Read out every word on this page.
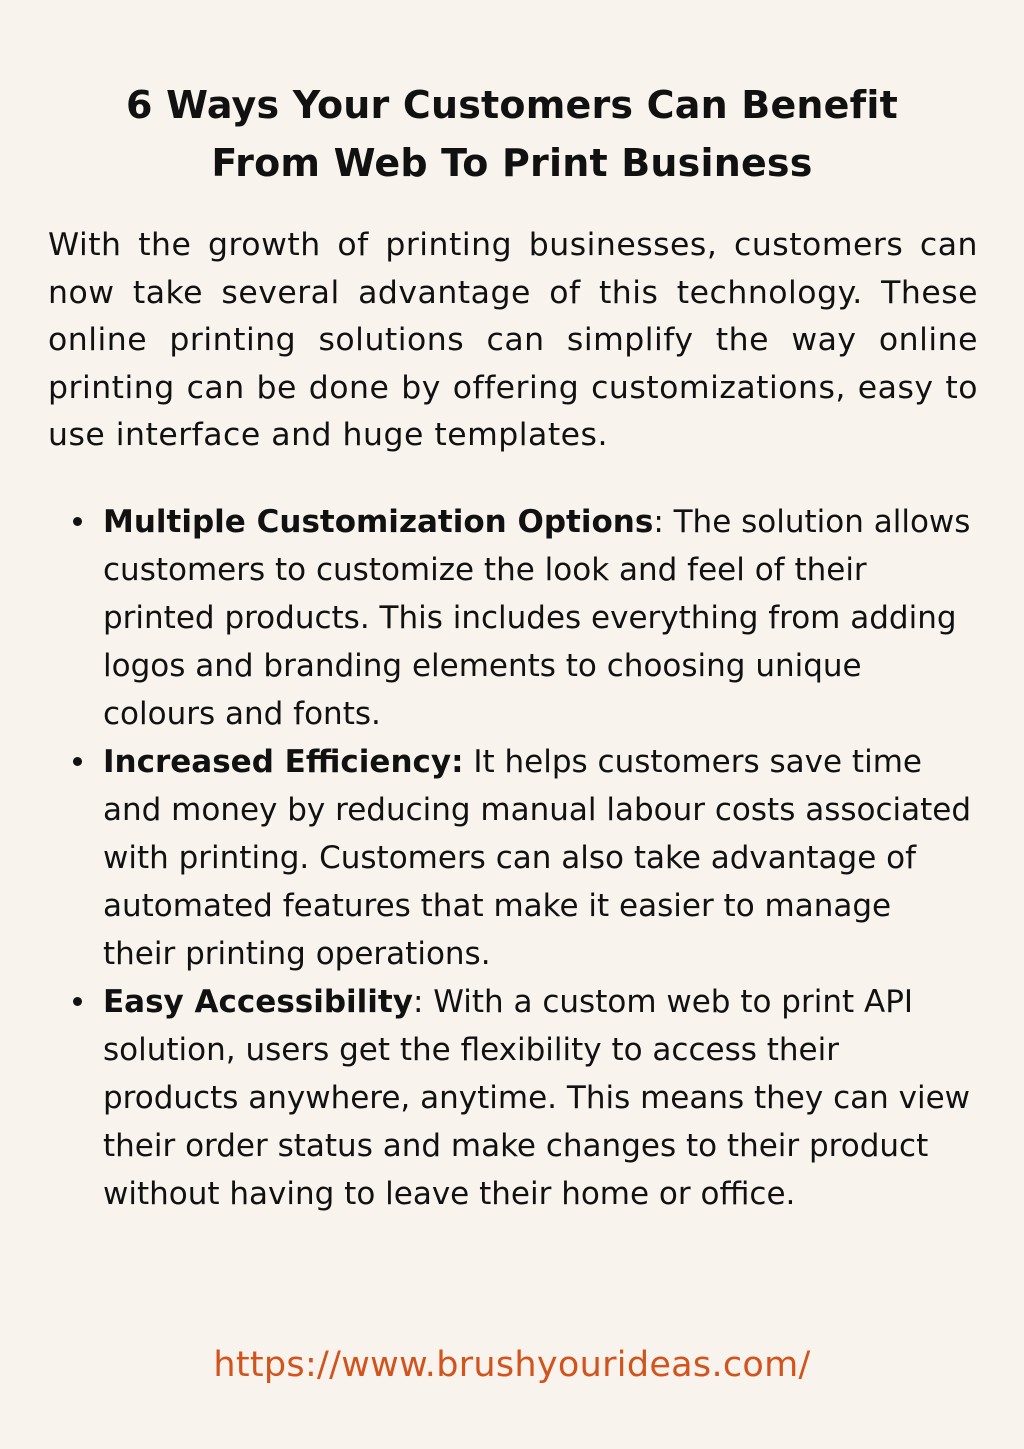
6 Ways Your Customers Can Benefit
From Web To Print Business

With the growth of printing businesses, customers can now take several advantage of this technology. These online printing solutions can simplify the way online printing can be done by offering customizations, easy to use interface and huge templates.

Multiple Customization Options: The solution allows customers to customize the look and feel of their printed products. This includes everything from adding logos and branding elements to choosing unique colours and fonts.
Increased Efficiency: It helps customers save time and money by reducing manual labour costs associated with printing. Customers can also take advantage of automated features that make it easier to manage their printing operations.
Easy Accessibility: With a custom web to print API solution, users get the flexibility to access their products anywhere, anytime. This means they can view their order status and make changes to their product without having to leave their home or office.
https://www.brushyourideas.com/
